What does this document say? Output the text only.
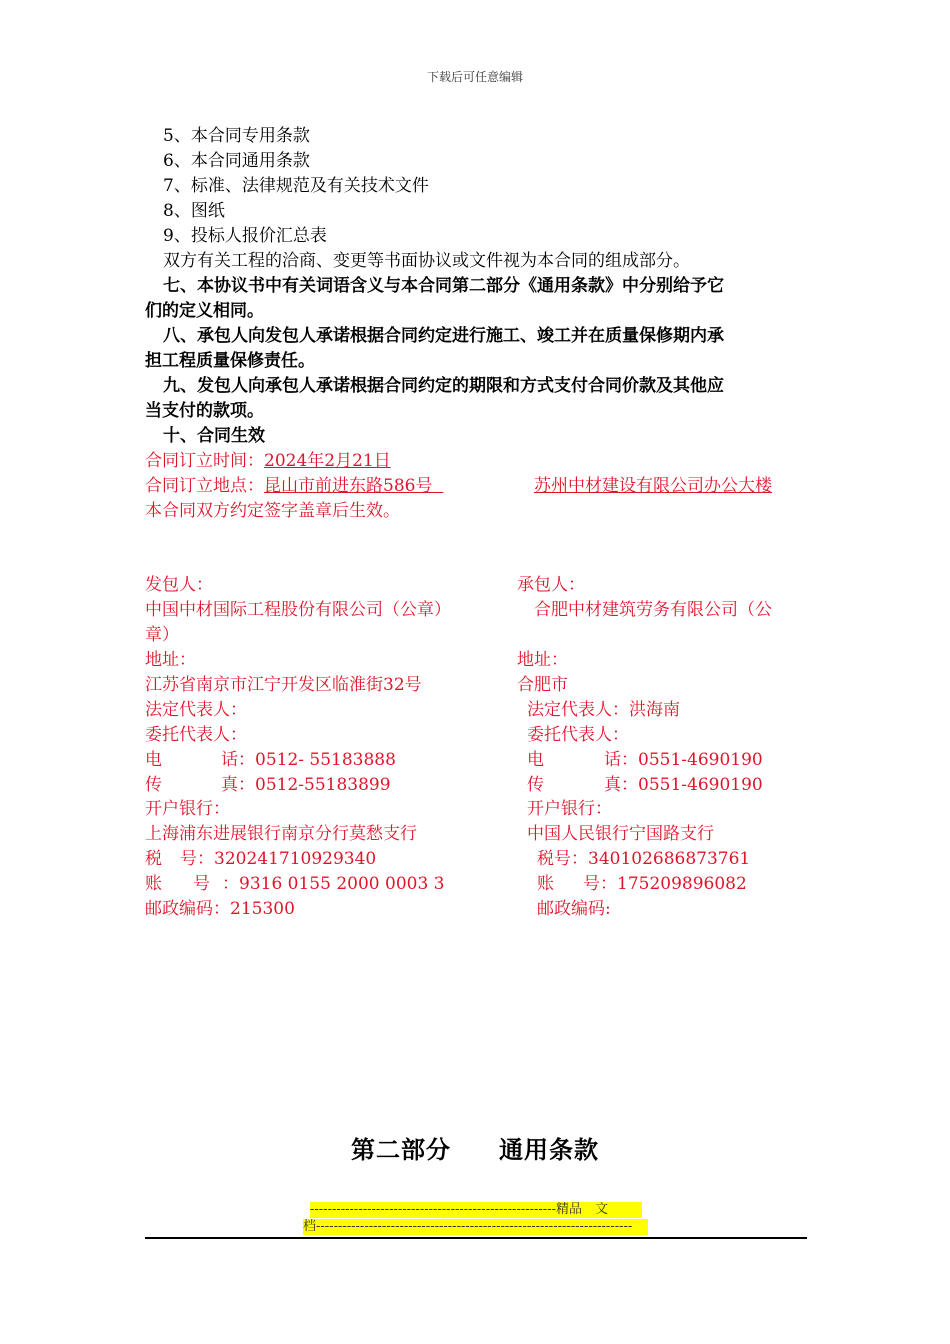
下载后可任意编辑
5、本合同专用条款
6、本合同通用条款
7、标准、法律规范及有关技术文件
8、图纸
9、投标人报价汇总表
双方有关工程的洽商、变更等书面协议或文件视为本合同的组成部分。
七、本协议书中有关词语含义与本合同第二部分《通用条款》中分别给予它
们的定义相同。
八、承包人向发包人承诺根据合同约定进行施工、竣工并在质量保修期内承
担工程质量保修责任。
九、发包人向承包人承诺根据合同约定的期限和方式支付合同价款及其他应
当支付的款项。
十、合同生效
合同订立时间：2024年2月21日
合同订立地点：昆山市前进东路586号	苏州中材建设有限公司办公大楼
本合同双方约定签字盖章后生效。
发包人：
中国中材国际工程股份有限公司（公章）
章）
地址：
江苏省南京市江宁开发区临淮街32号
法定代表人：
委托代表人：
电	话：0512- 55183888
传	真：0512-55183899
开户银行：
上海浦东进展银行南京分行莫愁支行
税 号：320241710929340
账 号 ：9316 0155 2000 0003 3
邮政编码：215300
承包人：
合肥中材建筑劳务有限公司（公
地址：
合肥市
法定代表人：洪海南
委托代表人：
电	话：0551-4690190
传	真：0551-4690190
开户银行：
中国人民银行宁国路支行
税号：340102686873761
账 号：175209896082
邮政编码:
第二部分 通用条款
--------------------------------------------------------精品　文
档------------------------------------------------------------------------
